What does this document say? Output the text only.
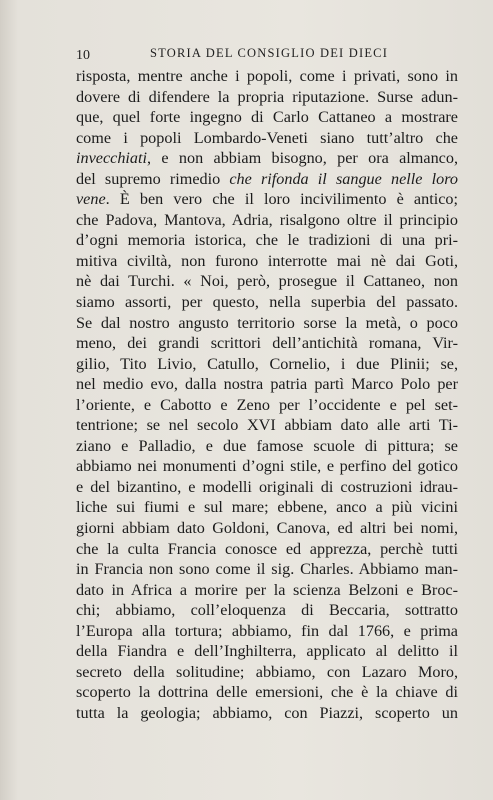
10	STORIA DEL CONSIGLIO DEI DIECI

risposta, mentre anche i popoli, come i privati, sono in
dovere di difendere la propria riputazione. Surse adun-
que, quel forte ingegno di Carlo Cattaneo a mostrare
come i popoli Lombardo-Veneti siano tutt’altro che
invecchiati, e non abbiam bisogno, per ora almanco,
del supremo rimedio che rifonda il sangue nelle loro
vene. È ben vero che il loro incivilimento è antico;
che Padova, Mantova, Adria, risalgono oltre il principio
d’ogni memoria istorica, che le tradizioni di una pri-
mitiva civiltà, non furono interrotte mai nè dai Goti,
nè dai Turchi. « Noi, però, prosegue il Cattaneo, non
siamo assorti, per questo, nella superbia del passato.
Se dal nostro angusto territorio sorse la metà, o poco
meno, dei grandi scrittori dell’antichità romana, Vir-
gilio, Tito Livio, Catullo, Cornelio, i due Plinii; se,
nel medio evo, dalla nostra patria partì Marco Polo per
l’oriente, e Cabotto e Zeno per l’occidente e pel set-
tentrione; se nel secolo XVI abbiam dato alle arti Ti-
ziano e Palladio, e due famose scuole di pittura; se
abbiamo nei monumenti d’ogni stile, e perfino del gotico
e del bizantino, e modelli originali di costruzioni idrau-
liche sui fiumi e sul mare; ebbene, anco a più vicini
giorni abbiam dato Goldoni, Canova, ed altri bei nomi,
che la culta Francia conosce ed apprezza, perchè tutti
in Francia non sono come il sig. Charles. Abbiamo man-
dato in Africa a morire per la scienza Belzoni e Broc-
chi; abbiamo, coll’eloquenza di Beccaria, sottratto
l’Europa alla tortura; abbiamo, fin dal 1766, e prima
della Fiandra e dell’Inghilterra, applicato al delitto il
secreto della solitudine; abbiamo, con Lazaro Moro,
scoperto la dottrina delle emersioni, che è la chiave di
tutta la geologia; abbiamo, con Piazzi, scoperto un
